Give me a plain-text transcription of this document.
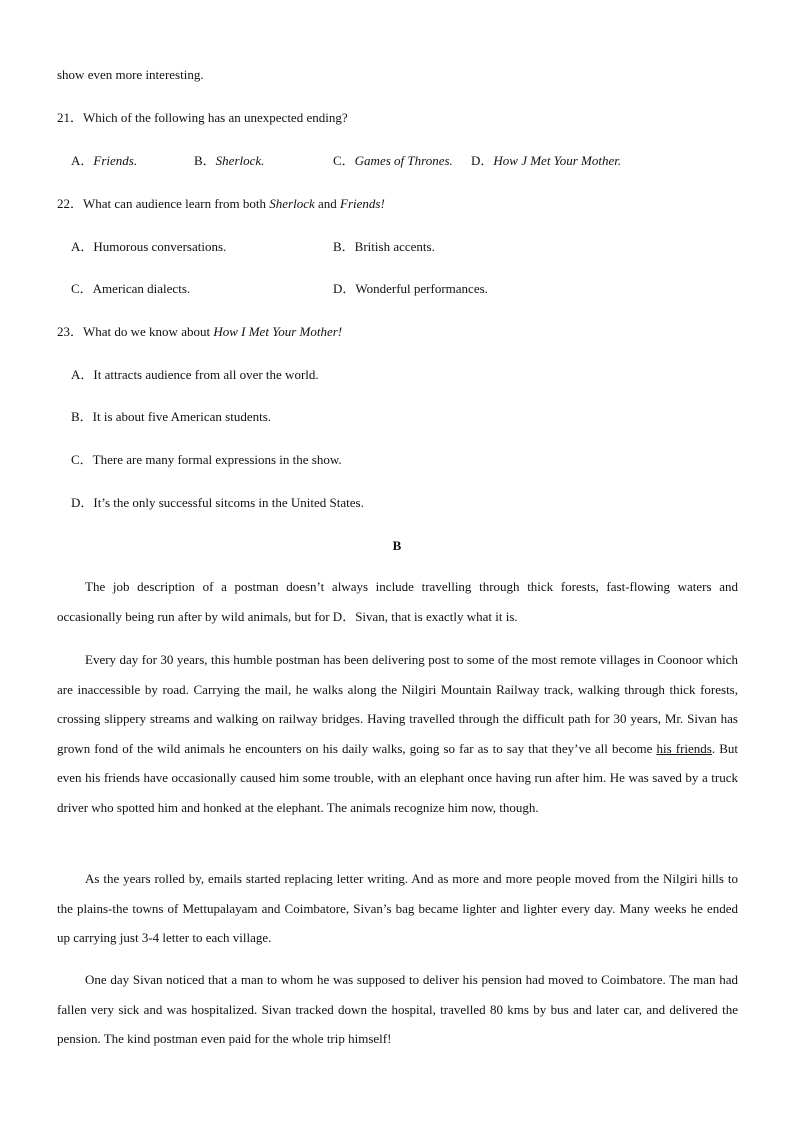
show even more interesting.
21．Which of the following has an unexpected ending?
A．Friends.	B．Sherlock.	C．Games of Thrones. D．How J Met Your Mother.
22．What can audience learn from both Sherlock and Friends!
A．Humorous conversations.	B．British accents.
C．American dialects.	D．Wonderful performances.
23．What do we know about How I Met Your Mother!
A．It attracts audience from all over the world.
B．It is about five American students.
C．There are many formal expressions in the show.
D．It’s the only successful sitcoms in the United States.
B
The job description of a postman doesn’t always include travelling through thick forests, fast-flowing waters and occasionally being run after by wild animals, but for D．Sivan, that is exactly what it is.
Every day for 30 years, this humble postman has been delivering post to some of the most remote villages in Coonoor which are inaccessible by road. Carrying the mail, he walks along the Nilgiri Mountain Railway track, walking through thick forests, crossing slippery streams and walking on railway bridges. Having travelled through the difficult path for 30 years, Mr. Sivan has grown fond of the wild animals he encounters on his daily walks, going so far as to say that they’ve all become his friends. But even his friends have occasionally caused him some trouble, with an elephant once having run after him. He was saved by a truck driver who spotted him and honked at the elephant. The animals recognize him now, though.
As the years rolled by, emails started replacing letter writing. And as more and more people moved from the Nilgiri hills to the plains-the towns of Mettupalayam and Coimbatore, Sivan’s bag became lighter and lighter every day. Many weeks he ended up carrying just 3-4 letter to each village.
One day Sivan noticed that a man to whom he was supposed to deliver his pension had moved to Coimbatore. The man had fallen very sick and was hospitalized. Sivan tracked down the hospital, travelled 80 kms by bus and later car, and delivered the pension. The kind postman even paid for the whole trip himself!
